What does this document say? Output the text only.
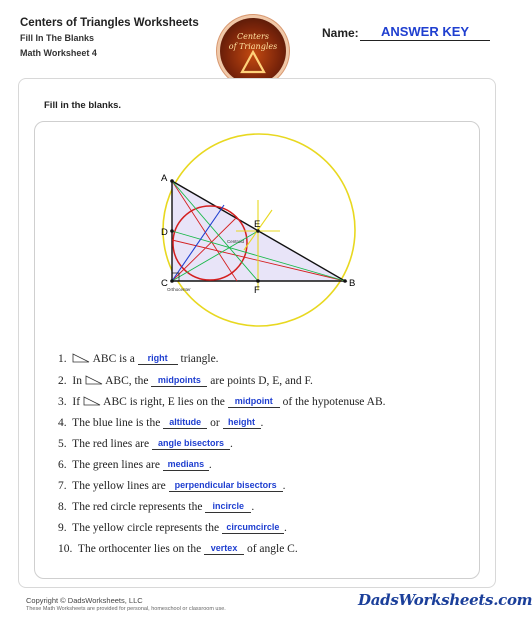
Centers of Triangles Worksheets
Fill In The Blanks
Math Worksheet 4
Centers
of Triangles
Name:	ANSWER KEY
Fill in the blanks.
A
B
C
D
E
F
Centroid
Orthocenter
1. ABC is a right triangle.
2. In ABC, the midpoints are points D, E, and F.
3. If ABC is right, E lies on the midpoint of the hypotenuse AB.
4. The blue line is the altitude or height .
5. The red lines are angle bisectors .
6. The green lines are medians .
7. The yellow lines are perpendicular bisectors .
8. The red circle represents the incircle .
9. The yellow circle represents the circumcircle .
10. The orthocenter lies on the vertex of angle C.
Copyright © DadsWorksheets, LLC
These Math Worksheets are provided for personal, homeschool or classroom use.	DadsWorksheets.com
